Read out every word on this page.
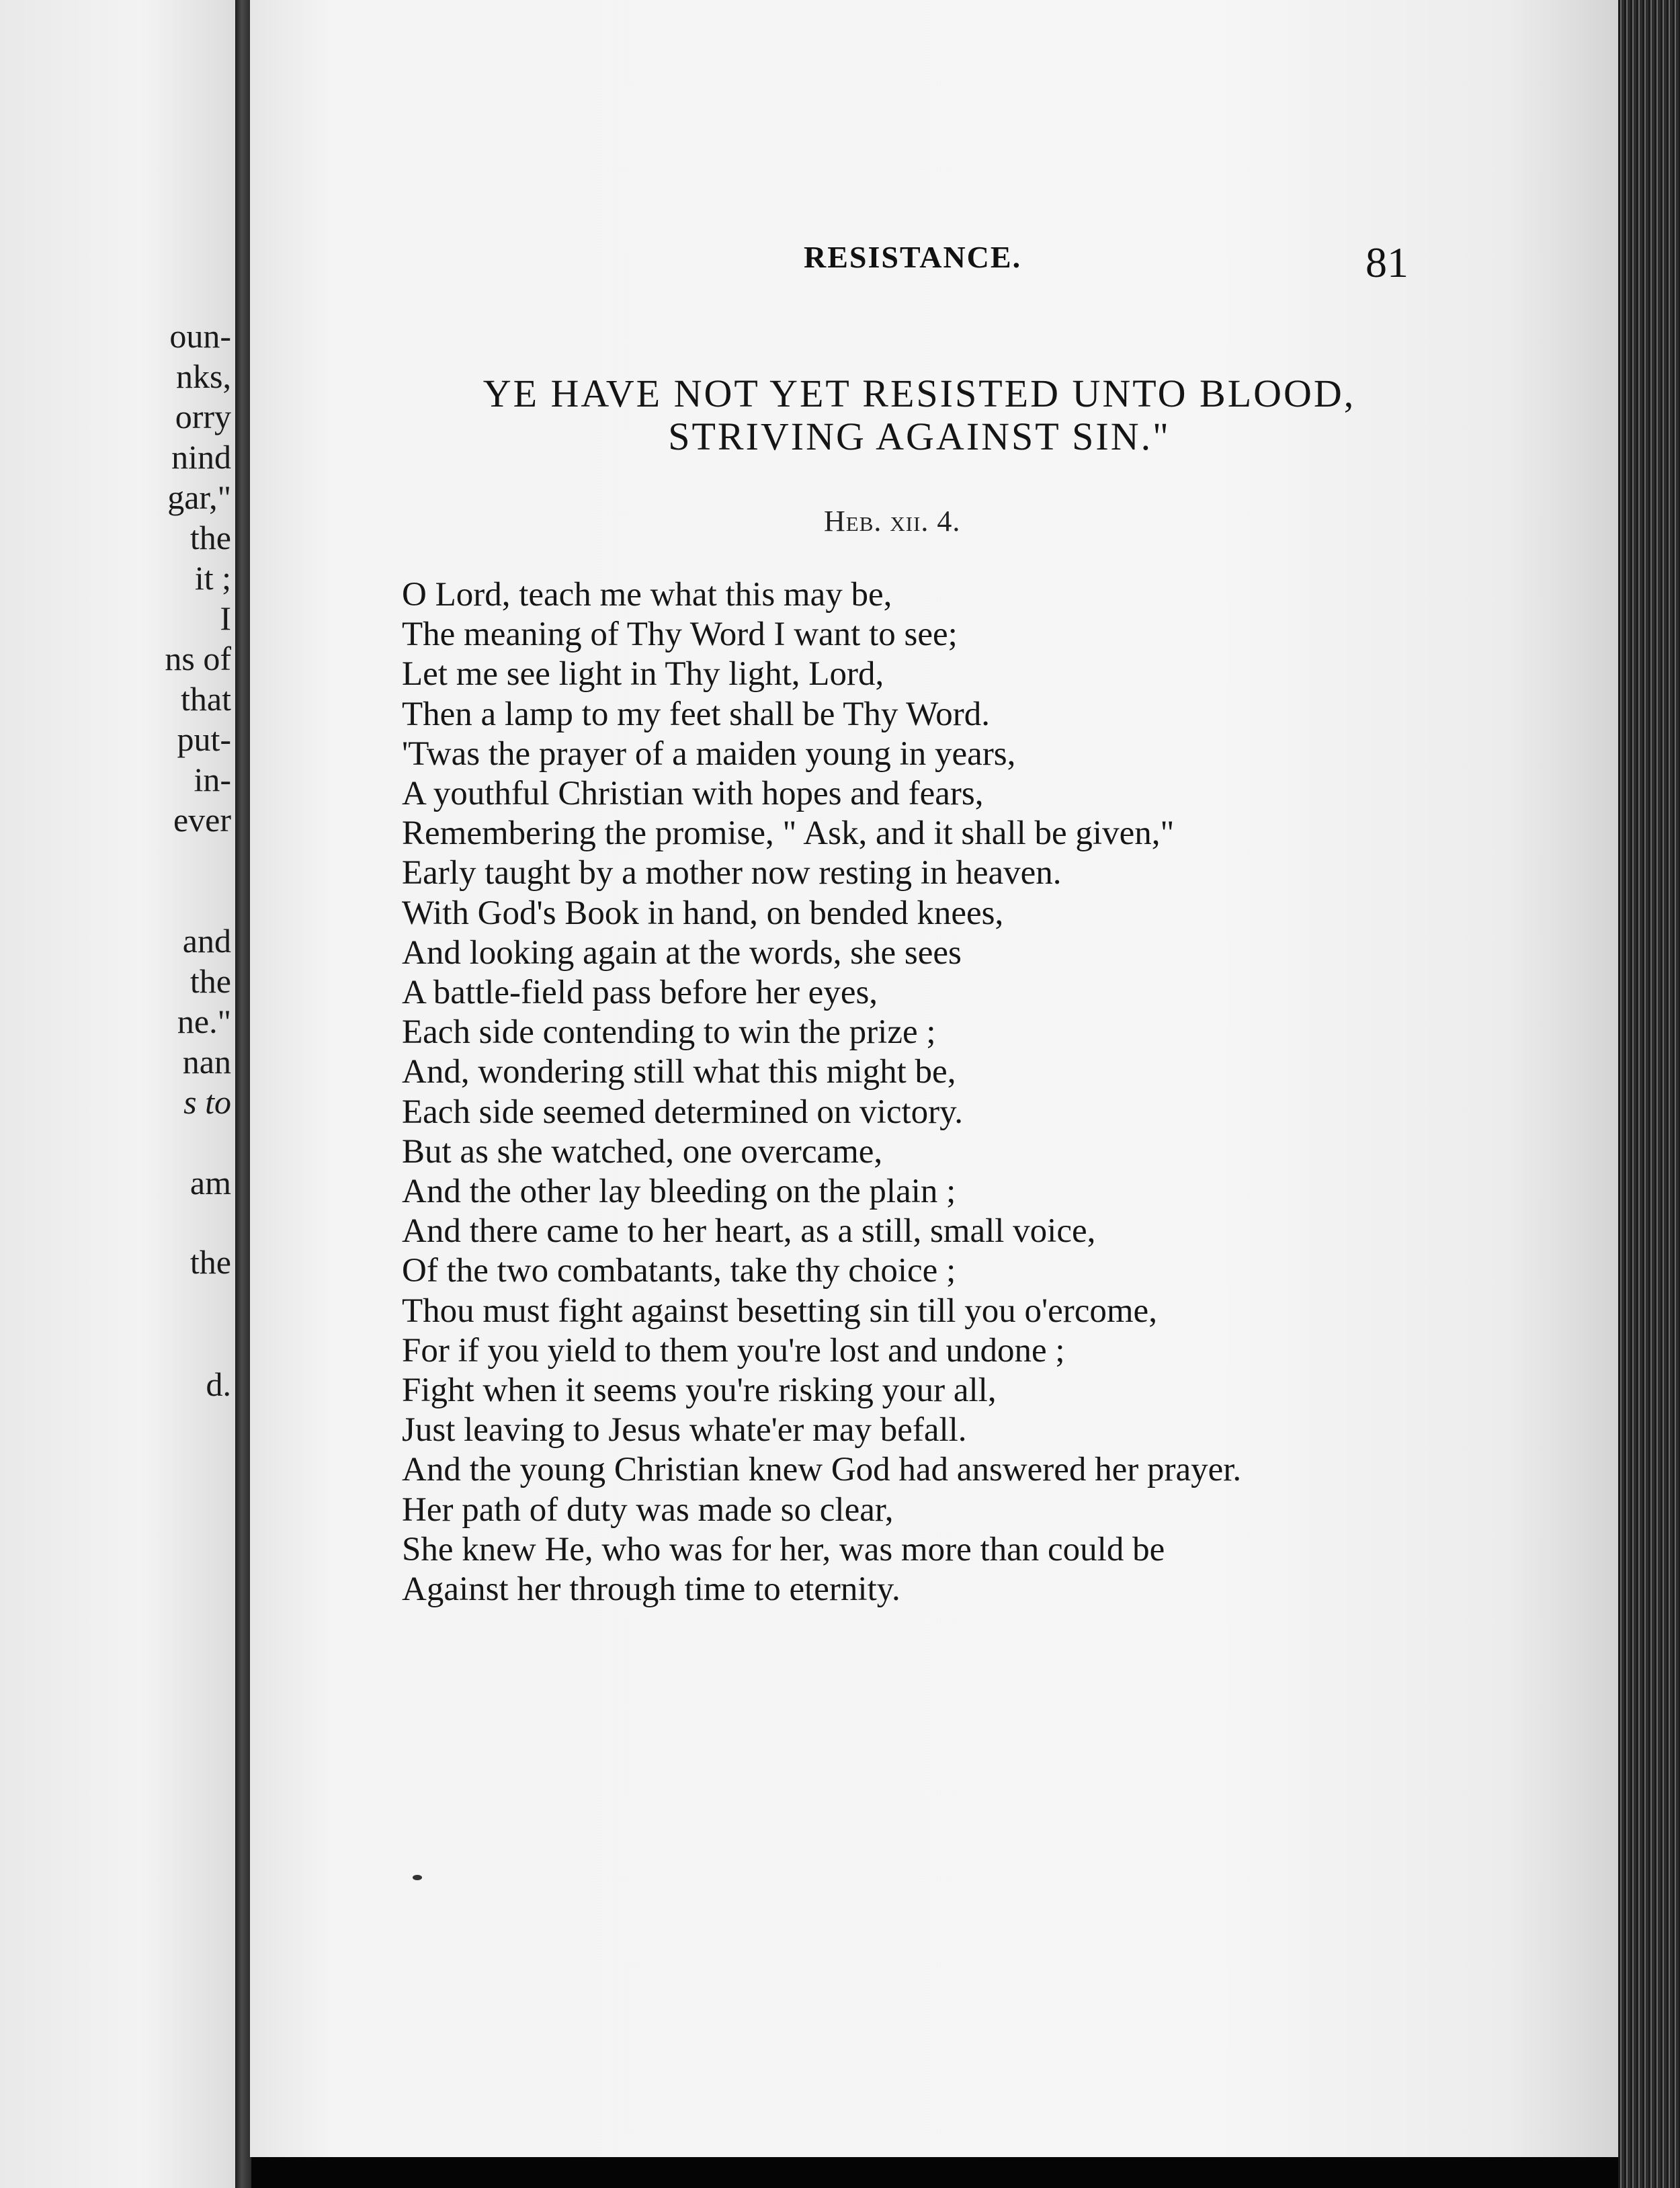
oun-
nks,
orry
nind
gar,"
the
it ;
I
ns of
that
put-
in-
ever
and
the
ne."
nan
s to
am
the
d.
RESISTANCE.	81
YE HAVE NOT YET RESISTED UNTO BLOOD,
STRIVING AGAINST SIN."
Heb. xii. 4.
O Lord, teach me what this may be,
The meaning of Thy Word I want to see;
Let me see light in Thy light, Lord,
Then a lamp to my feet shall be Thy Word.
'Twas the prayer of a maiden young in years,
A youthful Christian with hopes and fears,
Remembering the promise, " Ask, and it shall be given,"
Early taught by a mother now resting in heaven.
With God's Book in hand, on bended knees,
And looking again at the words, she sees
A battle-field pass before her eyes,
Each side contending to win the prize ;
And, wondering still what this might be,
Each side seemed determined on victory.
But as she watched, one overcame,
And the other lay bleeding on the plain ;
And there came to her heart, as a still, small voice,
Of the two combatants, take thy choice ;
Thou must fight against besetting sin till you o'ercome,
For if you yield to them you're lost and undone ;
Fight when it seems you're risking your all,
Just leaving to Jesus whate'er may befall.
And the young Christian knew God had answered her prayer.
Her path of duty was made so clear,
She knew He, who was for her, was more than could be
Against her through time to eternity.
